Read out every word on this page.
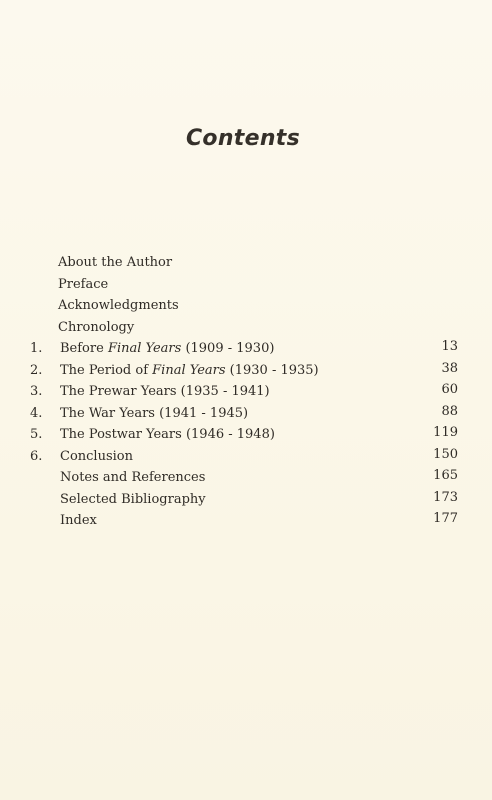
Contents
About the Author
Preface
Acknowledgments
Chronology
1.	Before Final Years (1909 - 1930)	13
2.	The Period of Final Years (1930 - 1935)	38
3.	The Prewar Years (1935 - 1941)	60
4.	The War Years (1941 - 1945)	88
5.	The Postwar Years (1946 - 1948)	119
6.	Conclusion	150
Notes and References	165
Selected Bibliography	173
Index	177
